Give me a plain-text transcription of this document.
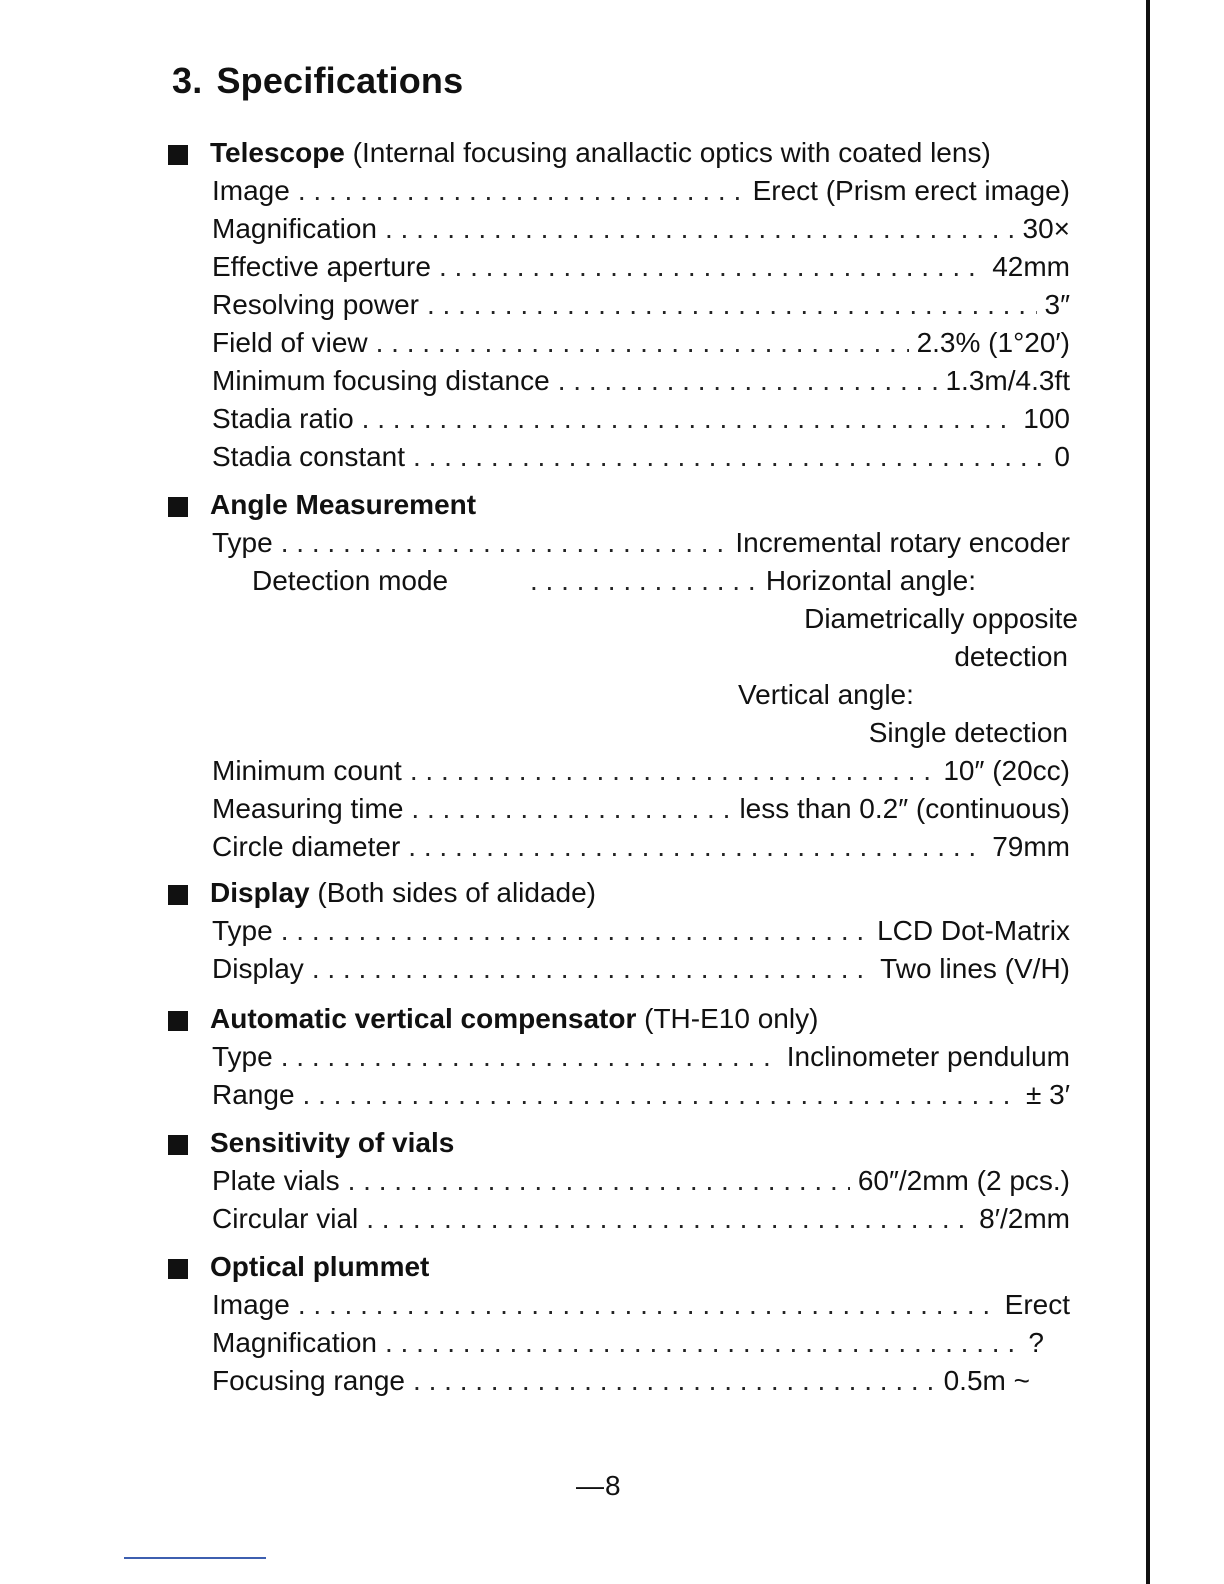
3. Specifications
Telescope (Internal focusing anallactic optics with coated lens)
Image . . .	Erect (Prism erect image)
Magnification . . .	30×
Effective aperture . . .	42mm
Resolving power . . .	3″
Field of view . . .	2.3% (1°20′)
Minimum focusing distance . . .	1.3m/4.3ft
Stadia ratio . . .	100
Stadia constant . . .	0
Angle Measurement
Type . . .	Incremental rotary encoder
Detection mode . . .	Horizontal angle:
Diametrically opposite
detection
Vertical angle:
Single detection
Minimum count . . .	10″ (20cc)
Measuring time . . .	less than 0.2″ (continuous)
Circle diameter . . .	79mm
Display (Both sides of alidade)
Type . . .	LCD Dot-Matrix
Display . . .	Two lines (V/H)
Automatic vertical compensator (TH-E10 only)
Type . . .	Inclinometer pendulum
Range . . .	± 3′
Sensitivity of vials
Plate vials . . .	60″/2mm (2 pcs.)
Circular vial . . .	8′/2mm
Optical plummet
Image . . .	Erect
Magnification . . .	?
Focusing range . . .	0.5m ~
—8
